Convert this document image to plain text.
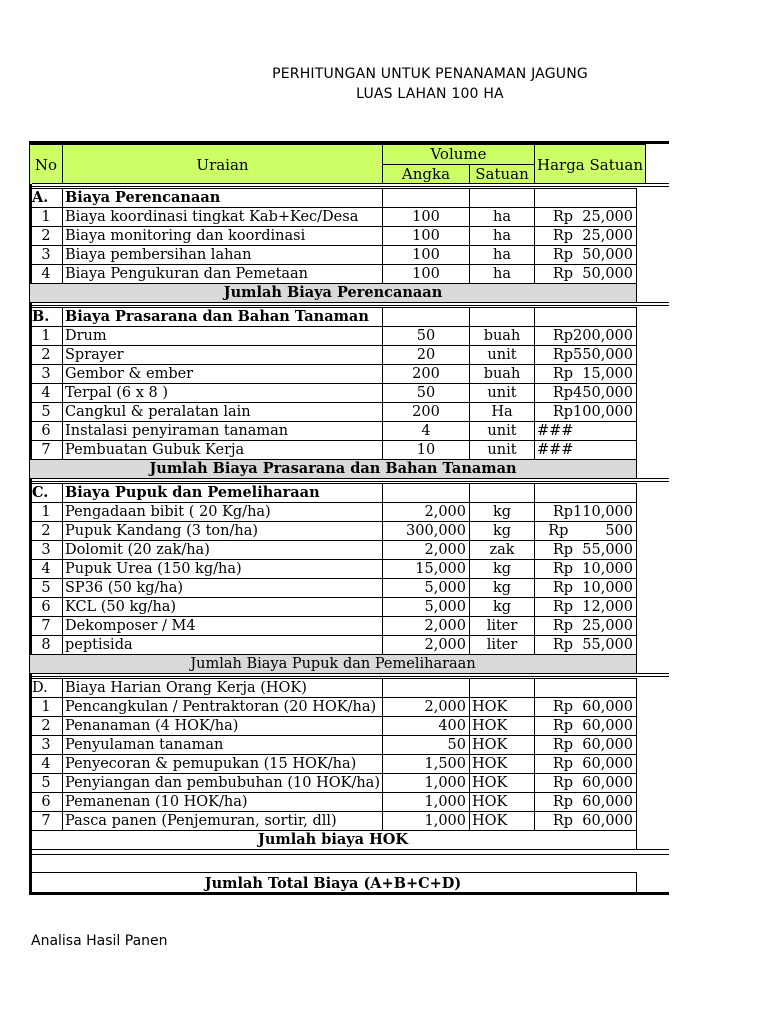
PERHITUNGAN UNTUK PENANAMAN JAGUNG
LUAS LAHAN 100 HA
No	Uraian	Volume		Harga Satuan
		Angka	Satuan	
A.	Biaya Perencanaan			
1	Biaya koordinasi tingkat Kab+Kec/Desa	100	ha	Rp  25,000
2	Biaya monitoring dan koordinasi	100	ha	Rp  25,000
3	Biaya pembersihan lahan	100	ha	Rp  50,000
4	Biaya Pengukuran dan Pemetaan	100	ha	Rp  50,000
Jumlah Biaya Perencanaan				
B.	Biaya Prasarana dan Bahan Tanaman			
1	Drum	50	buah	Rp200,000
2	Sprayer	20	unit	Rp550,000
3	Gembor & ember	200	buah	Rp  15,000
4	Terpal (6 x 8 )	50	unit	Rp450,000
5	Cangkul & peralatan lain	200	Ha	Rp100,000
6	Instalasi penyiraman tanaman	4	unit	###
7	Pembuatan Gubuk Kerja	10	unit	###
Jumlah Biaya Prasarana dan Bahan Tanaman				
C.	Biaya Pupuk dan Pemeliharaan			
1	Pengadaan bibit ( 20 Kg/ha)	2,000	kg	Rp110,000
2	Pupuk Kandang (3 ton/ha)	300,000	kg	Rp        500
3	Dolomit (20 zak/ha)	2,000	zak	Rp  55,000
4	Pupuk Urea (150 kg/ha)	15,000	kg	Rp  10,000
5	SP36 (50 kg/ha)	5,000	kg	Rp  10,000
6	KCL (50 kg/ha)	5,000	kg	Rp  12,000
7	Dekomposer / M4	2,000	liter	Rp  25,000
8	peptisida	2,000	liter	Rp  55,000
Jumlah Biaya Pupuk dan Pemeliharaan				
D.	Biaya Harian Orang Kerja (HOK)			
1	Pencangkulan / Pentraktoran (20 HOK/ha)	2,000	HOK	Rp  60,000
2	Penanaman (4 HOK/ha)	400	HOK	Rp  60,000
3	Penyulaman tanaman	50	HOK	Rp  60,000
4	Penyecoran & pemupukan (15 HOK/ha)	1,500	HOK	Rp  60,000
5	Penyiangan dan pembubuhan (10 HOK/ha)	1,000	HOK	Rp  60,000
6	Pemanenan (10 HOK/ha)	1,000	HOK	Rp  60,000
7	Pasca panen (Penjemuran, sortir, dll)	1,000	HOK	Rp  60,000
Jumlah biaya HOK				
Jumlah Total Biaya (A+B+C+D)
Analisa Hasil Panen
